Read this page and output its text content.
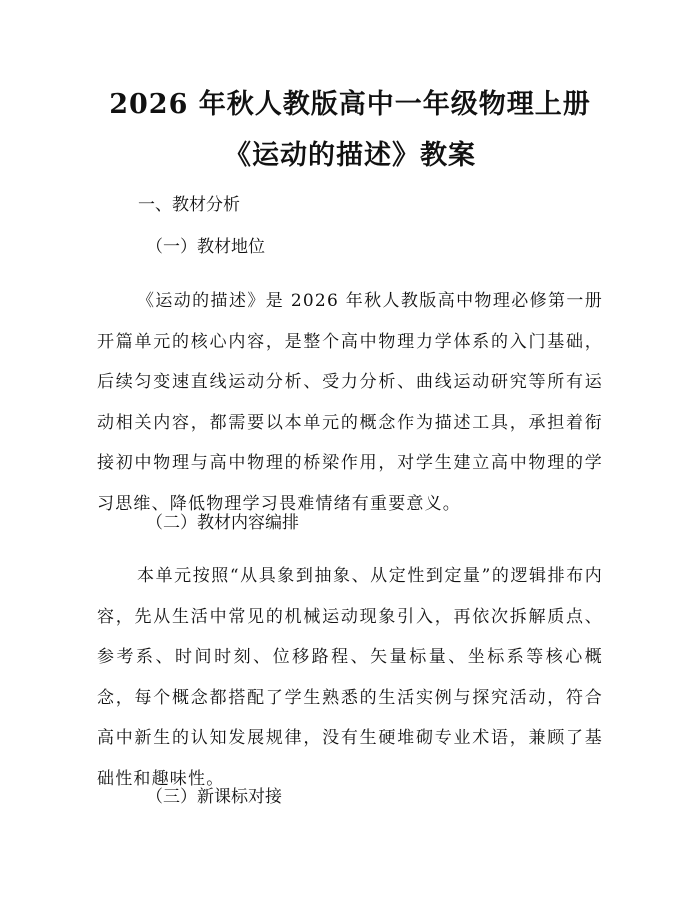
2026 年秋人教版高中一年级物理上册《运动的描述》教案
一、教材分析
（一）教材地位
《运动的描述》是 2026 年秋人教版高中物理必修第一册开篇单元的核心内容，是整个高中物理力学体系的入门基础，后续匀变速直线运动分析、受力分析、曲线运动研究等所有运动相关内容，都需要以本单元的概念作为描述工具，承担着衔接初中物理与高中物理的桥梁作用，对学生建立高中物理的学习思维、降低物理学习畏难情绪有重要意义。
（二）教材内容编排
本单元按照“从具象到抽象、从定性到定量”的逻辑排布内容，先从生活中常见的机械运动现象引入，再依次拆解质点、参考系、时间时刻、位移路程、矢量标量、坐标系等核心概念，每个概念都搭配了学生熟悉的生活实例与探究活动，符合高中新生的认知发展规律，没有生硬堆砌专业术语，兼顾了基础性和趣味性。
（三）新课标对接
